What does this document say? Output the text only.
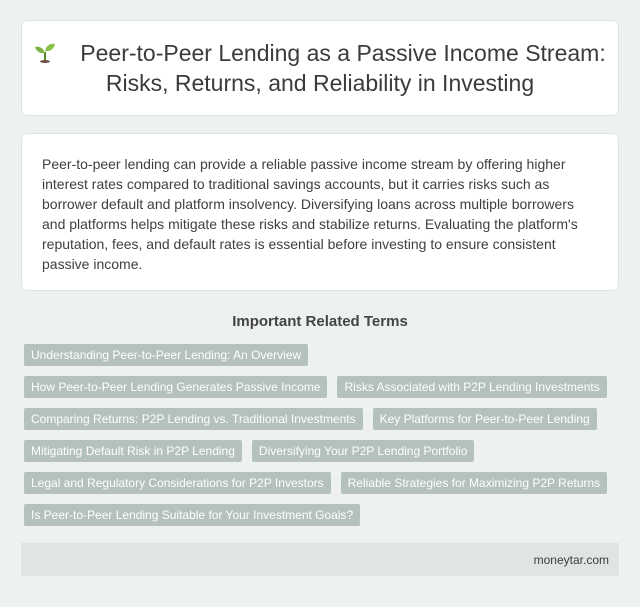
Peer-to-Peer Lending as a Passive Income Stream: Risks, Returns, and Reliability in Investing

Peer-to-peer lending can provide a reliable passive income stream by offering higher interest rates compared to traditional savings accounts, but it carries risks such as borrower default and platform insolvency. Diversifying loans across multiple borrowers and platforms helps mitigate these risks and stabilize returns. Evaluating the platform's reputation, fees, and default rates is essential before investing to ensure consistent passive income.

Important Related Terms
Understanding Peer-to-Peer Lending: An Overview
How Peer-to-Peer Lending Generates Passive Income	Risks Associated with P2P Lending Investments
Comparing Returns: P2P Lending vs. Traditional Investments	Key Platforms for Peer-to-Peer Lending
Mitigating Default Risk in P2P Lending	Diversifying Your P2P Lending Portfolio
Legal and Regulatory Considerations for P2P Investors	Reliable Strategies for Maximizing P2P Returns
Is Peer-to-Peer Lending Suitable for Your Investment Goals?
moneytar.com
